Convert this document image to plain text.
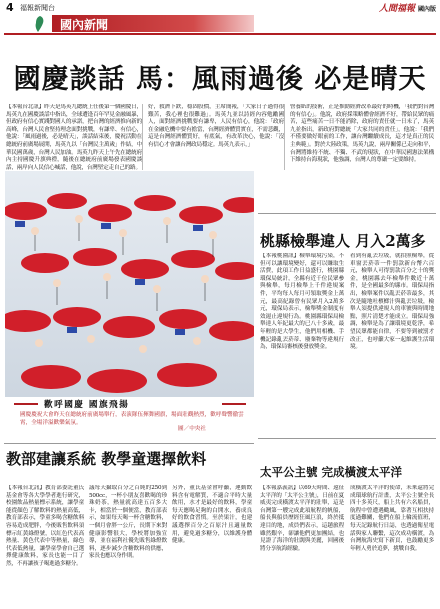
4 福報新聞台	人間福報 國內版
國內新聞
國慶談話 馬：風雨過後 必是晴天
【本報台北訊】昨天是馬英九總統上任後第一個國慶日，馬英九在國慶談話中指出，全球遭逢百年罕見金融風暴，但政府有信心實踐對國人的承諾，把台灣的經濟推向新的高峰，台灣人民會堅持理念面對挑戰，有謙卑、有信心，他說：「風雨過後，必是晴天」，談話結束後，慶祝活動在總統府前廣場展開，馬英九以「台灣民主萬歲」作結，中華民國萬歲，台灣人民加油。馬英九昨天上午先在總統府內主持國慶升旗典禮，隨後在總統府前廣場發表國慶談話，兩岸向人民信心喊話，他說，台灣堅定走自己的路。
好，救濟下跌，穩固股價，主席簡報，「大家日子過得很艱苦，我心裡也很難過」。馬英九並以詩經內容勉勵國人，面對經濟挑戰要有謙卑，人民有信心，他說：「政府在金融危機中要有擔當，台灣經濟體質實在，不需悲觀，這是台灣經濟體質好，有底氣，有改革決心，他說：「沒有信心才會讓台灣政局穩定。馬英九表示，」
營養紙的技術，正是推動經濟改革最好的時機，「我們對台灣的有信心」。他說，政府採策略體會經濟不好，帶給民眾的痛苦，這些痛苦一日不能消除，政府的責任就一日未了，馬英九並指出，新政府對總統「大家共同的責任」，他說：「我們不僅要做好眼前的工作，讓台灣繼續成長，這才是真正的民主典範」。對於大陸政策，馬英九說，兩岸關係已走向和平，台灣將維持不統、不獨、不武的現狀，在中華民國憲法架構下維持台海現狀，他強調，台灣人的尊嚴一定要維持。
歡呼國慶 國旗飛揚
國慶慶祝大會昨天在總統府前廣場舉行，表演隊伍揮舞國旗，場面壯觀熱烈，歡呼聲響徹雲霄，全場洋溢歡樂氣氛。
圖／中央社
桃縣檢舉違人 月入2萬多
【本報桃園訊】檢舉環境污染，不但可以讓環境變好，還可以賺取生活費，此項工作日益盛行，桃園縣環保局統計，全縣有近千位民眾參與檢舉，每月檢舉上千件違規案件，平均每人每月可領取獎金上萬元，最高紀錄曾有民眾月入2萬多元，環保局表示，檢舉獎金制度有效遏止違規行為。桃園縣環保局檢舉達人年紀最大的已八十多歲，最年輕的是大學生，他們用相機、手機記錄亂丟菸蒂、廢棄物等違規行為，環保局審核後發放獎金。
看到有亂丟垃圾，就拍照檢舉，從車窗丟菸蒂一件罰款新台幣六百元，檢舉人可得罰款百分之十的獎金，桃園縣去年檢舉件數近十萬件，是全國最多的縣市。環保局指出，檢舉案件以亂丟菸蒂最多，其次是隨地吐檳榔汁與亂丟垃圾，檢舉人須提供違規人的車號與時間地點，照片清楚才能成立。環保局強調，檢舉是為了讓環境更乾淨，希望民眾都能自律，不要等到被罰才改正，也呼籲大家一起維護生活環境。
教部建讓系統 教學童選擇飲料
【本報台北訊】教育部委託董氏基金會等各大學學者進行研究，校園飲品熱量標示系統，讓學童能從顏色了解飲料的熱量高低，教育部表示，學童多喝含糖飲料容易造成肥胖，今後販售飲料須標示紅黃綠燈號，以紅色代表高熱量、黃色代表中等熱量，綠色代表低熱量，讓學童學會自己選擇健康飲料，家長也能一目了然，不再讓孩子喝進過多糖分。
議每天攝取百分之百純的250到500cc，一杯小朋友喜歡喝的珍珠奶茶，熱量就高達五百多大卡，相當於一個便當，教育部表示，如果每天喝一杯含糖飲料，一個月會胖一公斤，長期下來對健康影響很大，學校將加強宣導，並在福利社優先販售綠燈飲料，逐步減少含糖飲料的供應，家長也應以身作則。
另外，董氏基金會呼籲，運動飲料含有電解質，不適合平時大量飲用，水才是最好的飲料，學童每天應喝足夠的白開水，養成良好的飲食習慣。至於果汁，也建議選擇百分之百原汁且適量飲用，避免過多糖分，以維護身體健康。
太平公主號 完成橫渡太平洋
【本報嘉義訊】以69天時間、遠征太平洋的「太平公主號」，日前在夏威夷完成橫渡太平洋的壯舉，這是台灣第一艘完成此項航程的帆船，船長與船員歷經狂風巨浪，終於抵達目的地，成員們表示，這趟旅程雖然艱辛，卻讓他們更加團結，也見證了海洋的壯闊與美麗，回國後將分享航海經驗。
成橫渡太平洋的使命，未來還將完成環球航行計畫，太平公主號全長四十多英尺，船上共有六名船員，航程中曾遭遇颱風，靠著互相扶持度過難關，他們在船上輪流值班，每天記錄航行日誌，也透過衛星電話與家人聯繫，這次成功橫渡，為台灣航海史寫下新頁，也鼓勵更多年輕人勇於追夢，挑戰自我。
